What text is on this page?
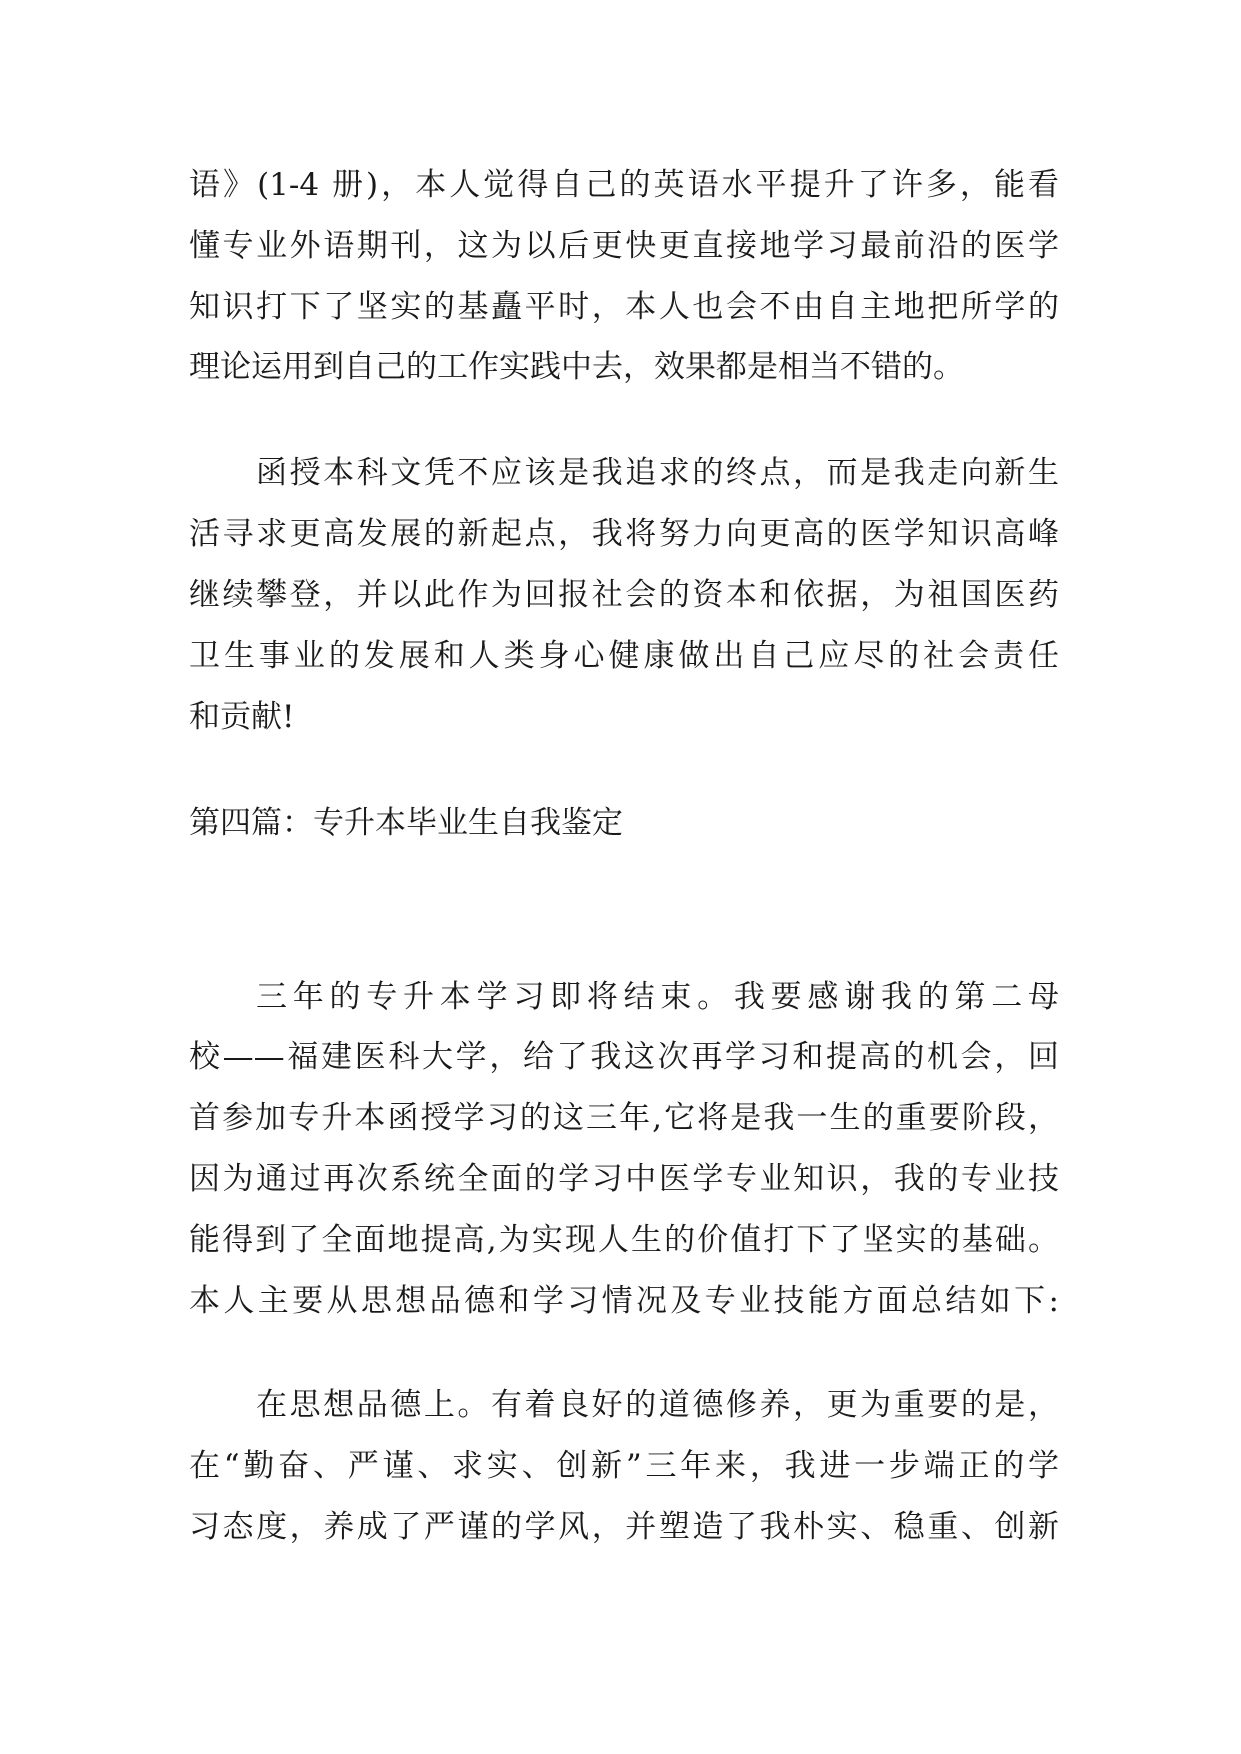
语》(1-4 册)，本人觉得自己的英语水平提升了许多，能看
懂专业外语期刊，这为以后更快更直接地学习最前沿的医学
知识打下了坚实的基矗平时，本人也会不由自主地把所学的
理论运用到自己的工作实践中去，效果都是相当不错的。
函授本科文凭不应该是我追求的终点，而是我走向新生
活寻求更高发展的新起点，我将努力向更高的医学知识高峰
继续攀登，并以此作为回报社会的资本和依据，为祖国医药
卫生事业的发展和人类身心健康做出自己应尽的社会责任
和贡献!
第四篇：专升本毕业生自我鉴定
三年的专升本学习即将结束。我要感谢我的第二母
校——福建医科大学，给了我这次再学习和提高的机会，回
首参加专升本函授学习的这三年,它将是我一生的重要阶段，
因为通过再次系统全面的学习中医学专业知识，我的专业技
能得到了全面地提高,为实现人生的价值打下了坚实的基础。
本人主要从思想品德和学习情况及专业技能方面总结如下:
在思想品德上。有着良好的道德修养，更为重要的是，
在“勤奋、严谨、求实、创新”三年来，我进一步端正的学
习态度，养成了严谨的学风，并塑造了我朴实、稳重、创新
